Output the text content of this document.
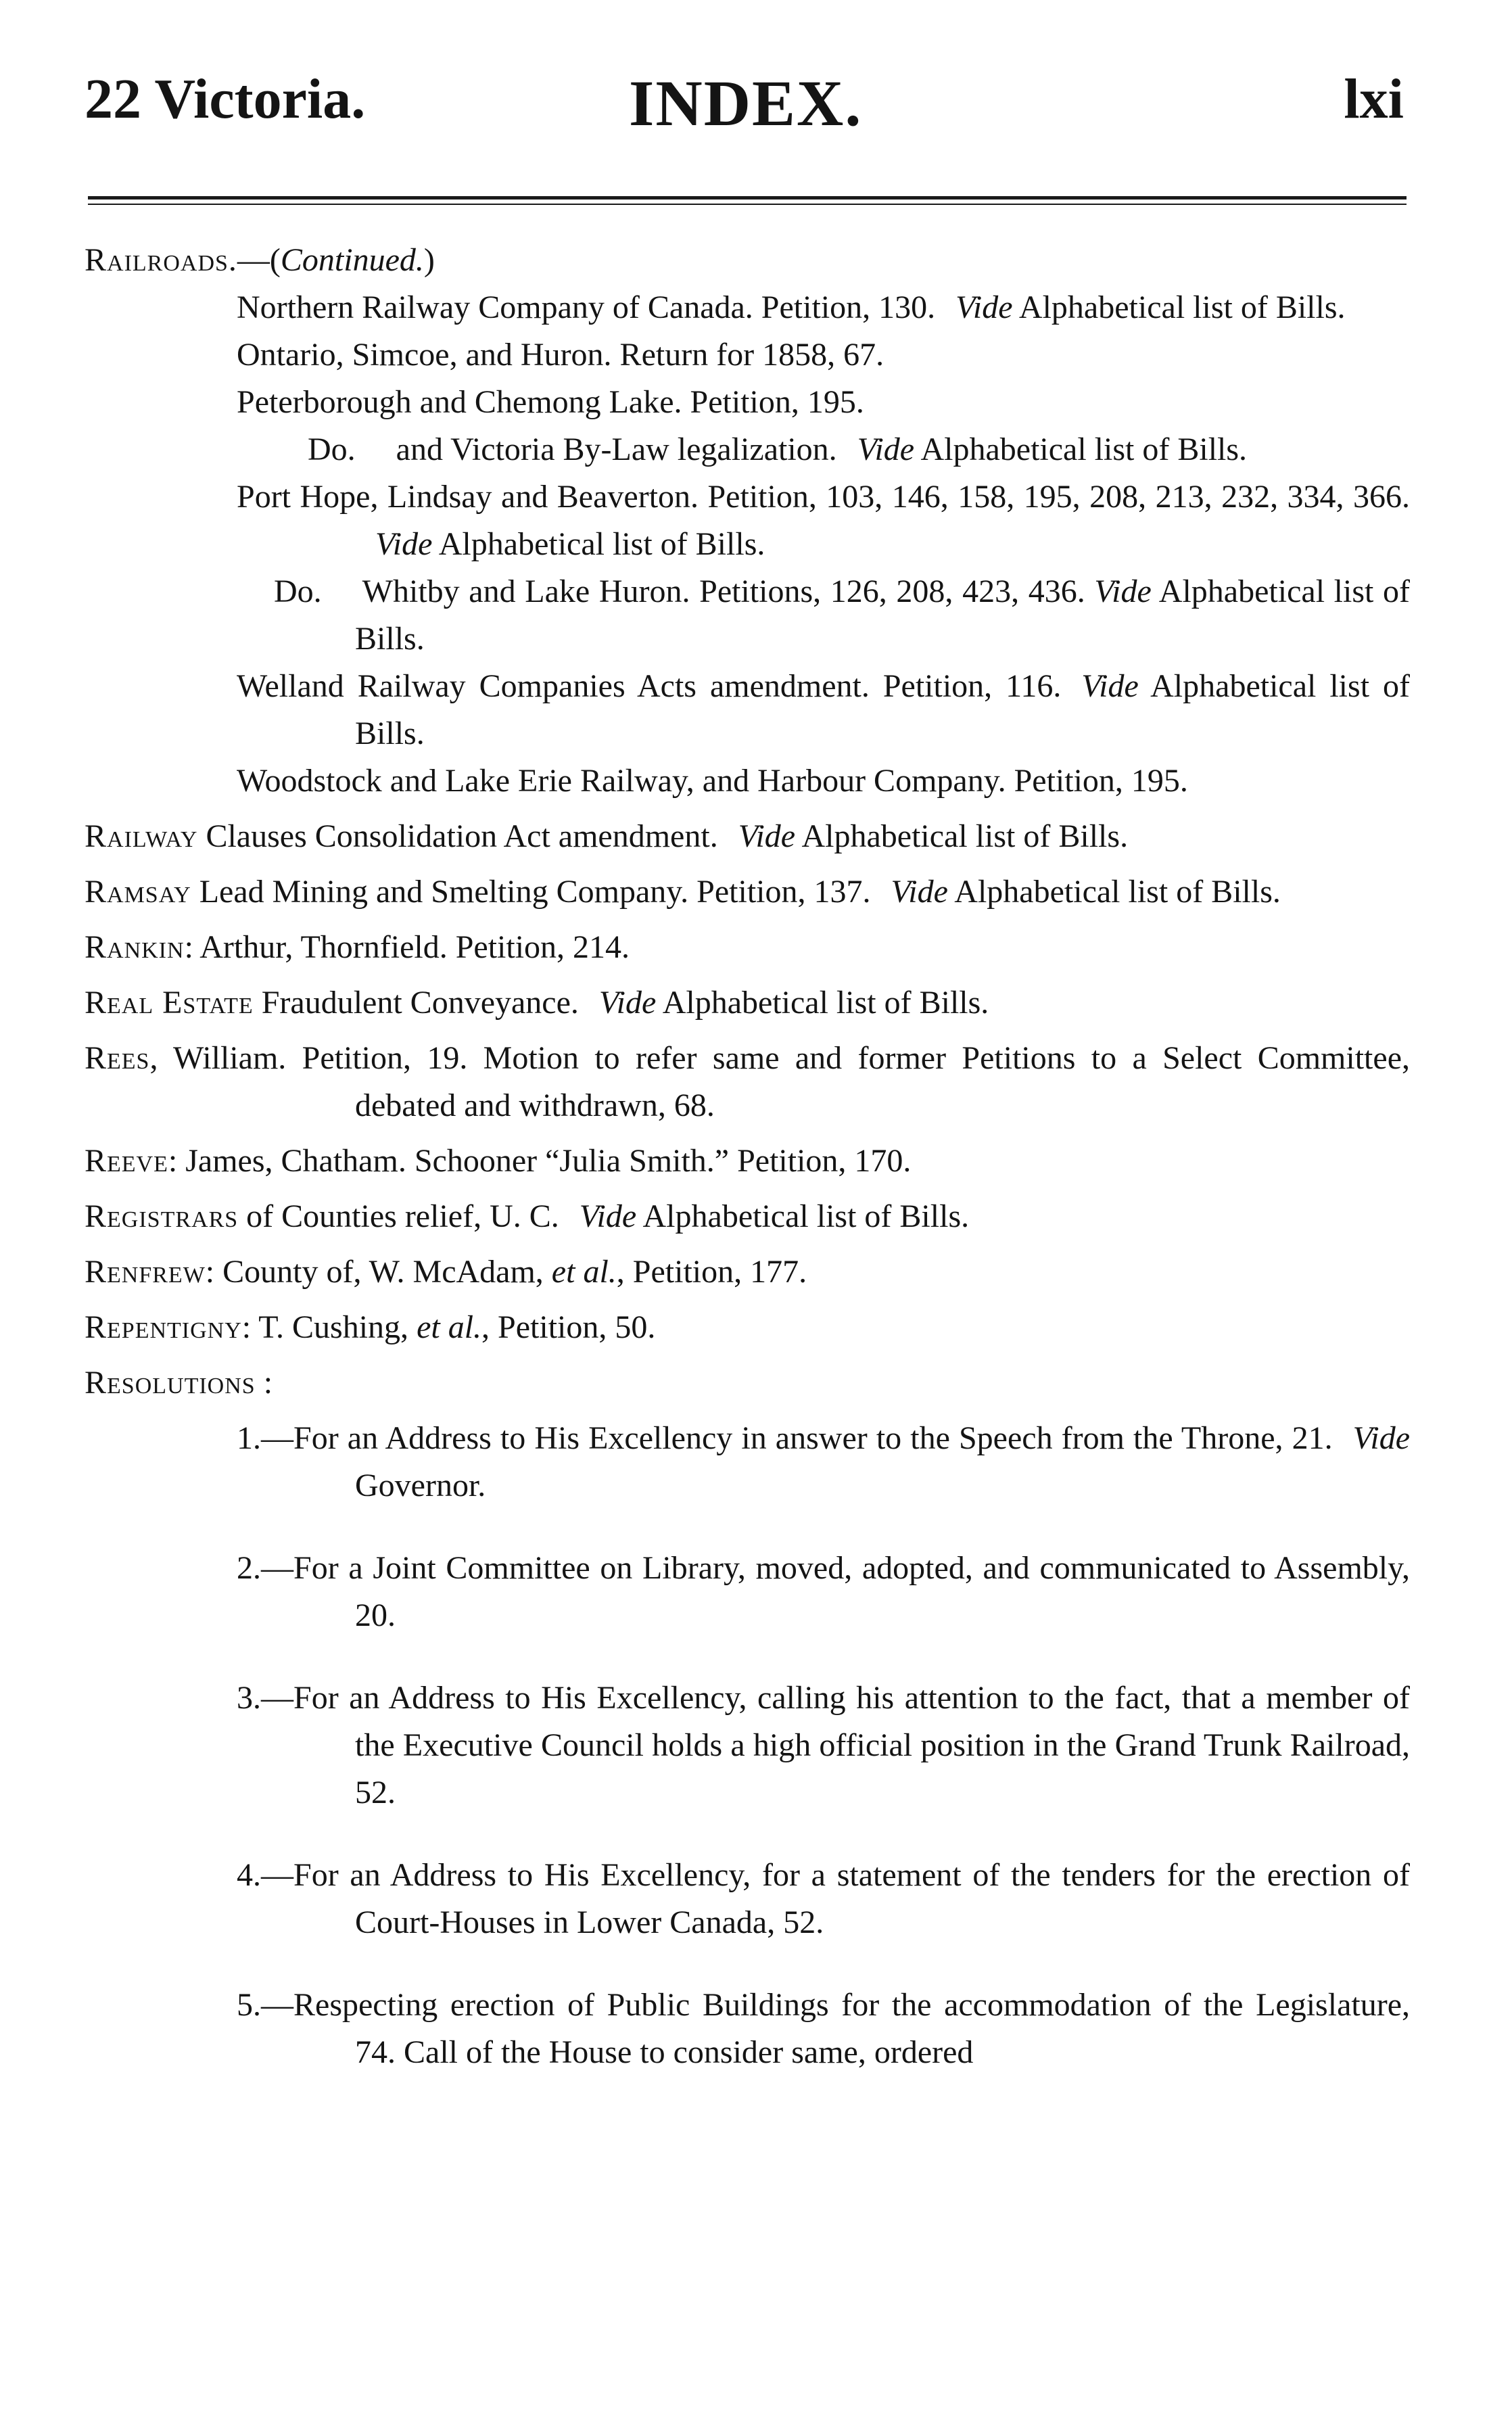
22 Victoria.	INDEX.	lxi
Railroads.—(Continued.)
Northern Railway Company of Canada. Petition, 130. Vide Alphabetical list of Bills.
Ontario, Simcoe, and Huron. Return for 1858, 67.
Peterborough and Chemong Lake. Petition, 195.
Do. and Victoria By-Law legalization. Vide Alphabetical list of Bills.
Port Hope, Lindsay and Beaverton. Petition, 103, 146, 158, 195, 208, 213, 232, 334, 366.Vide Alphabetical list of Bills.
Do. Whitby and Lake Huron. Petitions, 126, 208, 423, 436. Vide Alphabetical list of Bills.
Welland Railway Companies Acts amendment. Petition, 116. Vide Alphabetical list of Bills.
Woodstock and Lake Erie Railway, and Harbour Company. Petition, 195.
Railway Clauses Consolidation Act amendment. Vide Alphabetical list of Bills.
Ramsay Lead Mining and Smelting Company. Petition, 137. Vide Alphabetical list of Bills.
Rankin: Arthur, Thornfield. Petition, 214.
Real Estate Fraudulent Conveyance. Vide Alphabetical list of Bills.
Rees, William. Petition, 19. Motion to refer same and former Petitions to a Select Committee, debated and withdrawn, 68.
Reeve: James, Chatham. Schooner “Julia Smith.” Petition, 170.
Registrars of Counties relief, U. C. Vide Alphabetical list of Bills.
Renfrew: County of, W. McAdam, et al., Petition, 177.
Repentigny: T. Cushing, et al., Petition, 50.
Resolutions :
1.—For an Address to His Excellency in answer to the Speech from the Throne, 21. Vide Governor.
2.—For a Joint Committee on Library, moved, adopted, and communicated to Assembly, 20.
3.—For an Address to His Excellency, calling his attention to the fact, that a member of the Executive Council holds a high official position in the Grand Trunk Railroad, 52.
4.—For an Address to His Excellency, for a statement of the tenders for the erection of Court-Houses in Lower Canada, 52.
5.—Respecting erection of Public Buildings for the accommodation of the Legislature, 74. Call of the House to consider same, ordered
